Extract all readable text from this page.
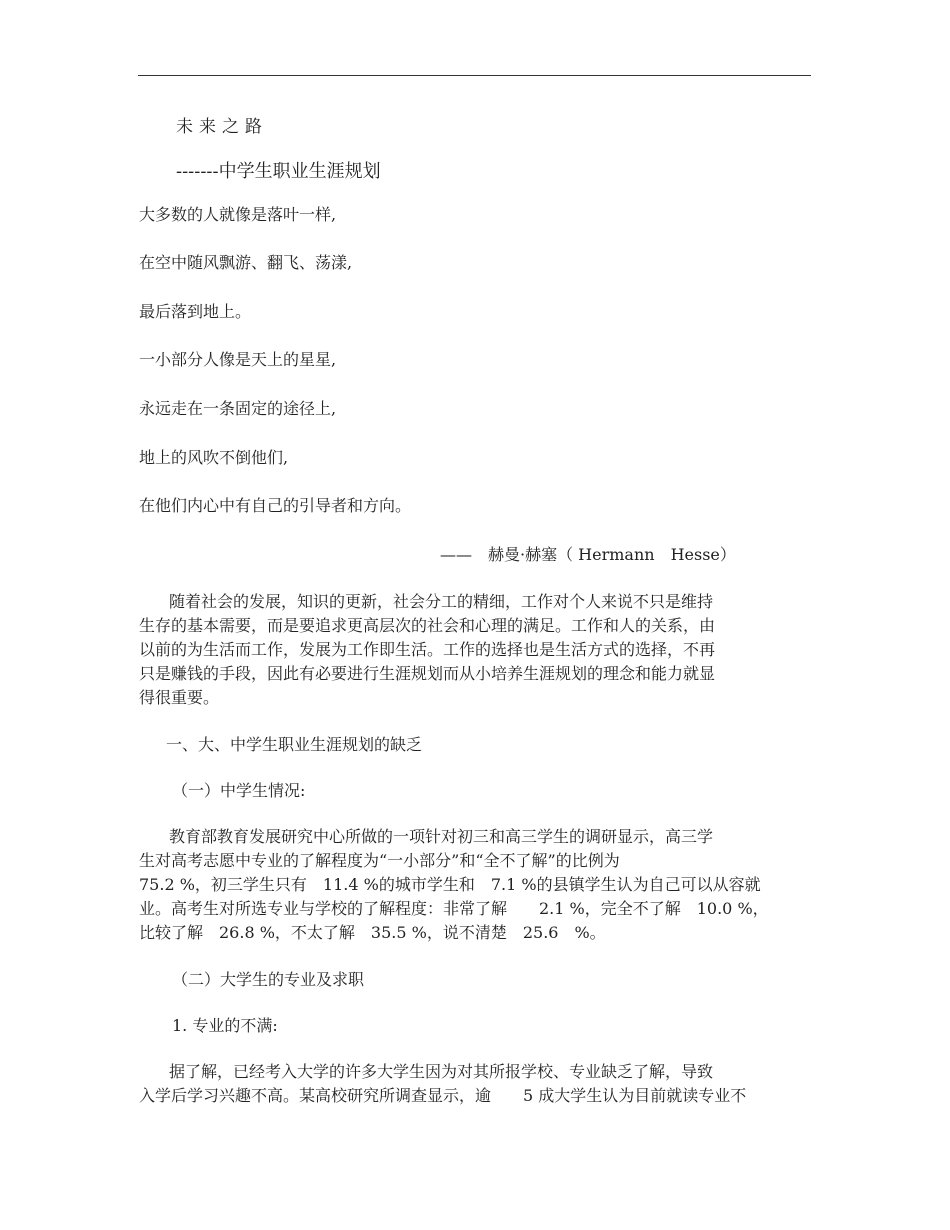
未来之路
-------中学生职业生涯规划
大多数的人就像是落叶一样,
在空中随风飘游、翻飞、荡漾,
最后落到地上。
一小部分人像是天上的星星,
永远走在一条固定的途径上,
地上的风吹不倒他们,
在他们内心中有自己的引导者和方向。
——　赫曼·赫塞（ Hermann　Hesse）
随着社会的发展，知识的更新，社会分工的精细，工作对个人来说不只是维持
生存的基本需要，而是要追求更高层次的社会和心理的满足。工作和人的关系，由
以前的为生活而工作，发展为工作即生活。工作的选择也是生活方式的选择，不再
只是赚钱的手段，因此有必要进行生涯规划而从小培养生涯规划的理念和能力就显
得很重要。
一、大、中学生职业生涯规划的缺乏
（一）中学生情况:
教育部教育发展研究中心所做的一项针对初三和高三学生的调研显示，高三学
生对高考志愿中专业的了解程度为“一小部分”和“全不了解”的比例为
75.2 %，初三学生只有　11.4 %的城市学生和　7.1 %的县镇学生认为自己可以从容就
业。高考生对所选专业与学校的了解程度：非常了解　　2.1 %，完全不了解　10.0 %，
比较了解　26.8 %，不太了解　35.5 %，说不清楚　25.6　%。
（二）大学生的专业及求职
1. 专业的不满:
据了解，已经考入大学的许多大学生因为对其所报学校、专业缺乏了解，导致
入学后学习兴趣不高。某高校研究所调查显示，逾　　5 成大学生认为目前就读专业不
